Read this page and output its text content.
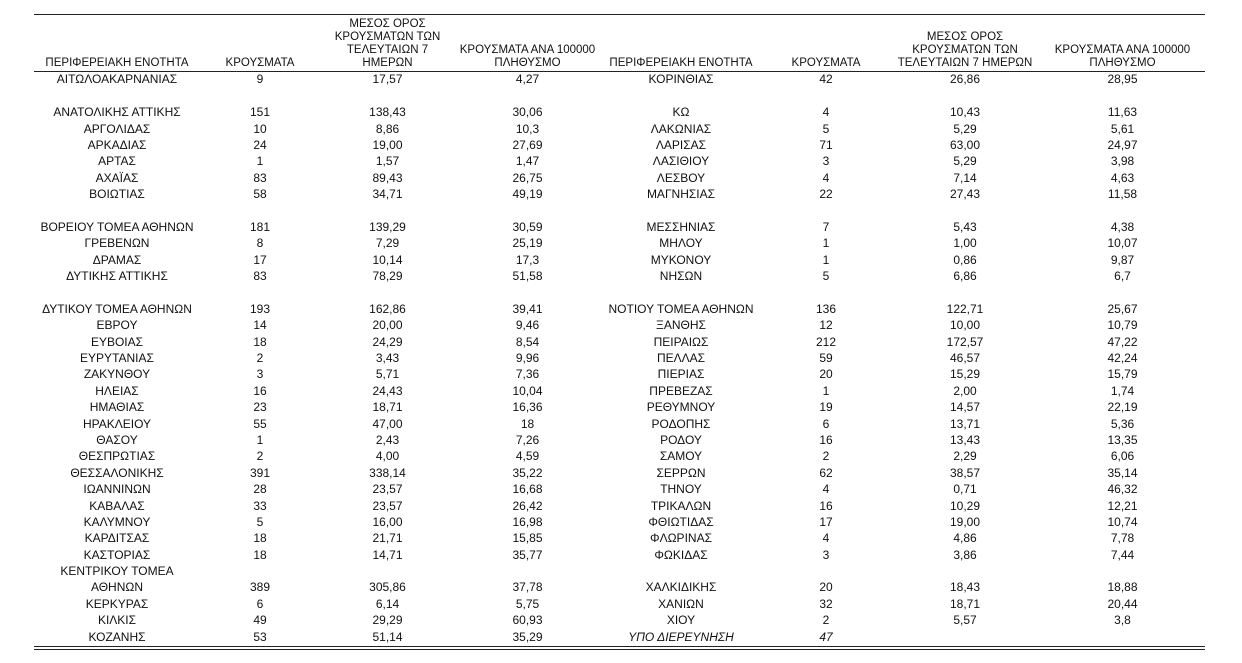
ΠΕΡΙΦΕΡΕΙΑΚΗ ΕΝΟΤΗΤΑ	ΚΡΟΥΣΜΑΤΑ	ΜΕΣΟΣ ΟΡΟΣ ΚΡΟΥΣΜΑΤΩΝ ΤΩΝ ΤΕΛΕΥΤΑΙΩΝ 7 ΗΜΕΡΩΝ	ΚΡΟΥΣΜΑΤΑ ΑΝΑ 100000 ΠΛΗΘΥΣΜΟ	ΠΕΡΙΦΕΡΕΙΑΚΗ ΕΝΟΤΗΤΑ	ΚΡΟΥΣΜΑΤΑ	ΜΕΣΟΣ ΟΡΟΣ ΚΡΟΥΣΜΑΤΩΝ ΤΩΝ ΤΕΛΕΥΤΑΙΩΝ 7 ΗΜΕΡΩΝ	ΚΡΟΥΣΜΑΤΑ ΑΝΑ 100000 ΠΛΗΘΥΣΜΟ
ΑΙΤΩΛΟΑΚΑΡΝΑΝΙΑΣ	9	17,57	4,27	ΚΟΡΙΝΘΙΑΣ	42	26,86	28,95

ΑΝΑΤΟΛΙΚΗΣ ΑΤΤΙΚΗΣ	151	138,43	30,06	ΚΩ	4	10,43	11,63
ΑΡΓΟΛΙΔΑΣ	10	8,86	10,3	ΛΑΚΩΝΙΑΣ	5	5,29	5,61
ΑΡΚΑΔΙΑΣ	24	19,00	27,69	ΛΑΡΙΣΑΣ	71	63,00	24,97
ΑΡΤΑΣ	1	1,57	1,47	ΛΑΣΙΘΙΟΥ	3	5,29	3,98
ΑΧΑΪΑΣ	83	89,43	26,75	ΛΕΣΒΟΥ	4	7,14	4,63
ΒΟΙΩΤΙΑΣ	58	34,71	49,19	ΜΑΓΝΗΣΙΑΣ	22	27,43	11,58

ΒΟΡΕΙΟΥ ΤΟΜΕΑ ΑΘΗΝΩΝ	181	139,29	30,59	ΜΕΣΣΗΝΙΑΣ	7	5,43	4,38
ΓΡΕΒΕΝΩΝ	8	7,29	25,19	ΜΗΛΟΥ	1	1,00	10,07
ΔΡΑΜΑΣ	17	10,14	17,3	ΜΥΚΟΝΟΥ	1	0,86	9,87
ΔΥΤΙΚΗΣ ΑΤΤΙΚΗΣ	83	78,29	51,58	ΝΗΣΩΝ	5	6,86	6,7

ΔΥΤΙΚΟΥ ΤΟΜΕΑ ΑΘΗΝΩΝ	193	162,86	39,41	ΝΟΤΙΟΥ ΤΟΜΕΑ ΑΘΗΝΩΝ	136	122,71	25,67
ΕΒΡΟΥ	14	20,00	9,46	ΞΑΝΘΗΣ	12	10,00	10,79
ΕΥΒΟΙΑΣ	18	24,29	8,54	ΠΕΙΡΑΙΩΣ	212	172,57	47,22
ΕΥΡΥΤΑΝΙΑΣ	2	3,43	9,96	ΠΕΛΛΑΣ	59	46,57	42,24
ΖΑΚΥΝΘΟΥ	3	5,71	7,36	ΠΙΕΡΙΑΣ	20	15,29	15,79
ΗΛΕΙΑΣ	16	24,43	10,04	ΠΡΕΒΕΖΑΣ	1	2,00	1,74
ΗΜΑΘΙΑΣ	23	18,71	16,36	ΡΕΘΥΜΝΟΥ	19	14,57	22,19
ΗΡΑΚΛΕΙΟΥ	55	47,00	18	ΡΟΔΟΠΗΣ	6	13,71	5,36
ΘΑΣΟΥ	1	2,43	7,26	ΡΟΔΟΥ	16	13,43	13,35
ΘΕΣΠΡΩΤΙΑΣ	2	4,00	4,59	ΣΑΜΟΥ	2	2,29	6,06
ΘΕΣΣΑΛΟΝΙΚΗΣ	391	338,14	35,22	ΣΕΡΡΩΝ	62	38,57	35,14
ΙΩΑΝΝΙΝΩΝ	28	23,57	16,68	ΤΗΝΟΥ	4	0,71	46,32
ΚΑΒΑΛΑΣ	33	23,57	26,42	ΤΡΙΚΑΛΩΝ	16	10,29	12,21
ΚΑΛΥΜΝΟΥ	5	16,00	16,98	ΦΘΙΩΤΙΔΑΣ	17	19,00	10,74
ΚΑΡΔΙΤΣΑΣ	18	21,71	15,85	ΦΛΩΡΙΝΑΣ	4	4,86	7,78
ΚΑΣΤΟΡΙΑΣ	18	14,71	35,77	ΦΩΚΙΔΑΣ	3	3,86	7,44
ΚΕΝΤΡΙΚΟΥ ΤΟΜΕΑ							
ΑΘΗΝΩΝ	389	305,86	37,78	ΧΑΛΚΙΔΙΚΗΣ	20	18,43	18,88
ΚΕΡΚΥΡΑΣ	6	6,14	5,75	ΧΑΝΙΩΝ	32	18,71	20,44
ΚΙΛΚΙΣ	49	29,29	60,93	ΧΙΟΥ	2	5,57	3,8
ΚΟΖΑΝΗΣ	53	51,14	35,29	ΥΠΟ ΔΙΕΡΕΥΝΗΣΗ	47		
